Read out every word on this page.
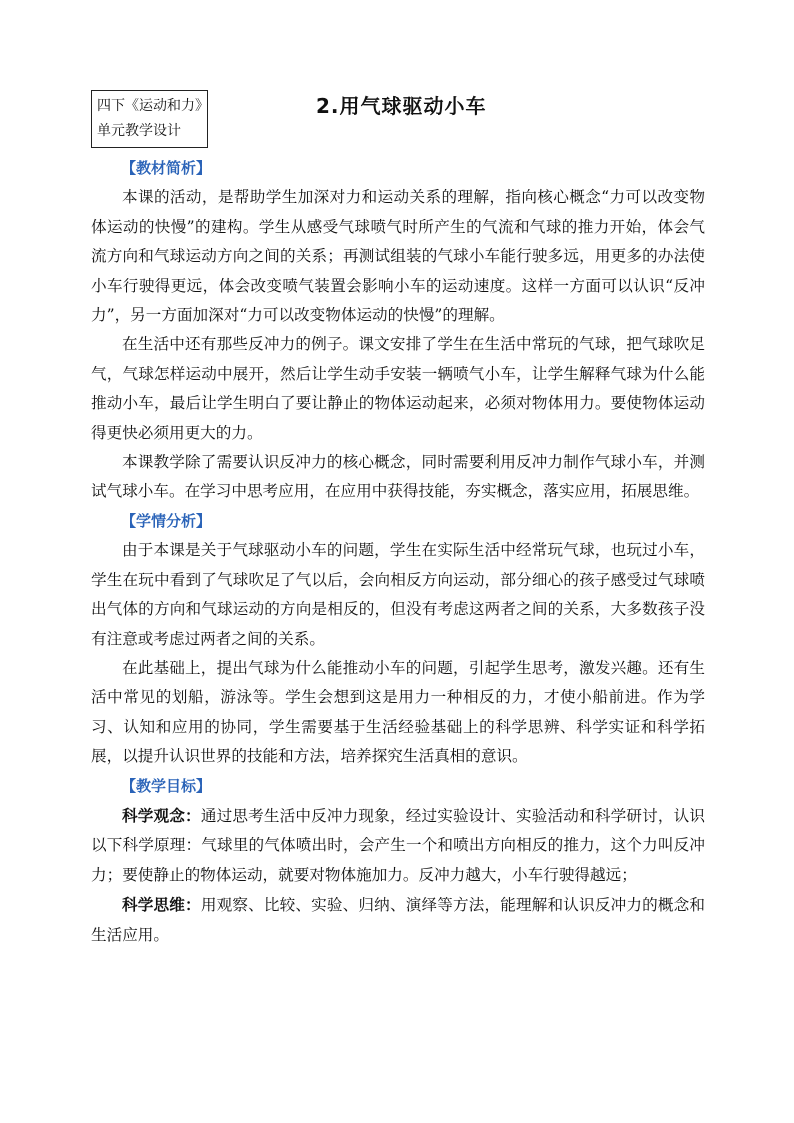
四下《运动和力》
单元教学设计
2.用气球驱动小车

【教材简析】

本课的活动，是帮助学生加深对力和运动关系的理解，指向核心概念“力可以改变物体运动的快慢”的建构。学生从感受气球喷气时所产生的气流和气球的推力开始，体会气流方向和气球运动方向之间的关系；再测试组装的气球小车能行驶多远，用更多的办法使小车行驶得更远，体会改变喷气装置会影响小车的运动速度。这样一方面可以认识“反冲力”，另一方面加深对“力可以改变物体运动的快慢”的理解。

在生活中还有那些反冲力的例子。课文安排了学生在生活中常玩的气球，把气球吹足气，气球怎样运动中展开，然后让学生动手安装一辆喷气小车，让学生解释气球为什么能推动小车，最后让学生明白了要让静止的物体运动起来，必须对物体用力。要使物体运动得更快必须用更大的力。

本课教学除了需要认识反冲力的核心概念，同时需要利用反冲力制作气球小车，并测试气球小车。在学习中思考应用，在应用中获得技能，夯实概念，落实应用，拓展思维。

【学情分析】

由于本课是关于气球驱动小车的问题，学生在实际生活中经常玩气球，也玩过小车，学生在玩中看到了气球吹足了气以后，会向相反方向运动，部分细心的孩子感受过气球喷出气体的方向和气球运动的方向是相反的，但没有考虑这两者之间的关系，大多数孩子没有注意或考虑过两者之间的关系。

在此基础上，提出气球为什么能推动小车的问题，引起学生思考，激发兴趣。还有生活中常见的划船，游泳等。学生会想到这是用力一种相反的力，才使小船前进。作为学习、认知和应用的协同，学生需要基于生活经验基础上的科学思辨、科学实证和科学拓展，以提升认识世界的技能和方法，培养探究生活真相的意识。

【教学目标】

科学观念：通过思考生活中反冲力现象，经过实验设计、实验活动和科学研讨，认识以下科学原理：气球里的气体喷出时，会产生一个和喷出方向相反的推力，这个力叫反冲力；要使静止的物体运动，就要对物体施加力。反冲力越大，小车行驶得越远；

科学思维：用观察、比较、实验、归纳、演绎等方法，能理解和认识反冲力的概念和生活应用。
